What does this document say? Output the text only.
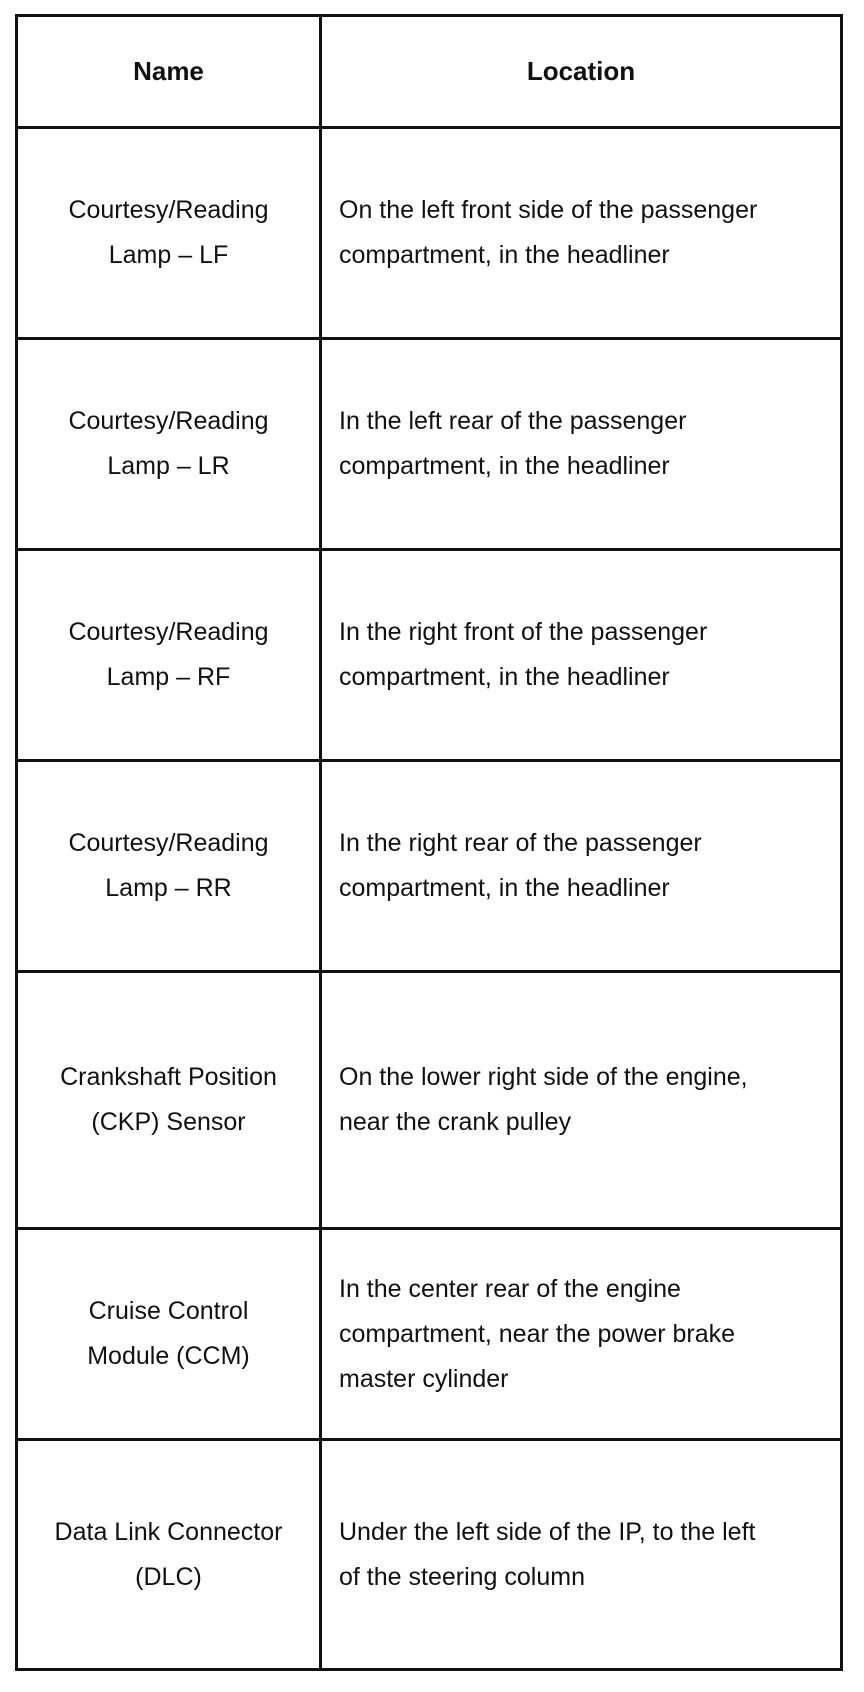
Name	Location
Courtesy/Reading Lamp – LF
On the left front side of the passenger compartment, in the headliner
Courtesy/Reading Lamp – LR
In the left rear of the passenger compartment, in the headliner
Courtesy/Reading Lamp – RF
In the right front of the passenger compartment, in the headliner
Courtesy/Reading Lamp – RR
In the right rear of the passenger compartment, in the headliner
Crankshaft Position (CKP) Sensor
On the lower right side of the engine, near the crank pulley
Cruise Control Module (CCM)
In the center rear of the engine compartment, near the power brake master cylinder
Data Link Connector (DLC)
Under the left side of the IP, to the left of the steering column
